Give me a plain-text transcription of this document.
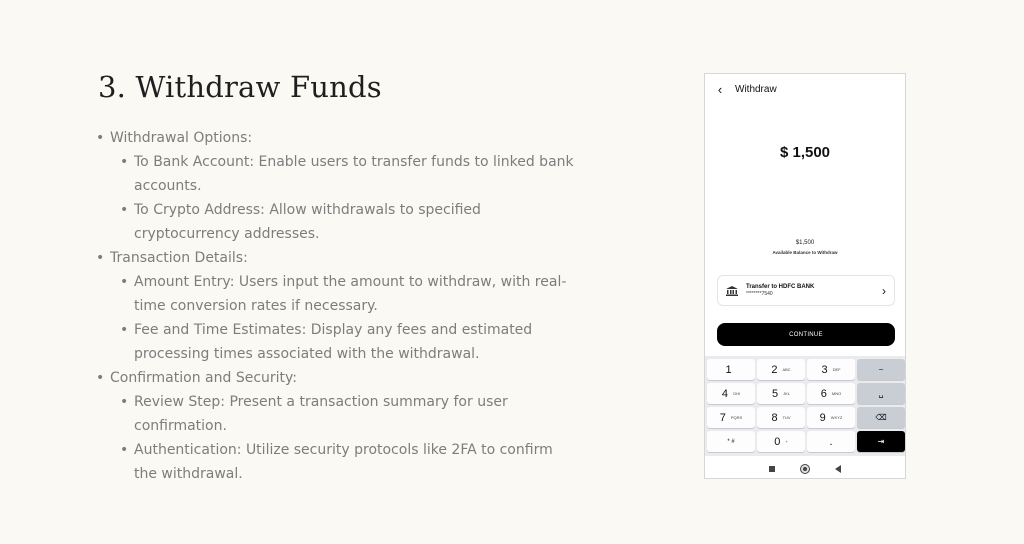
3. Withdraw Funds
• Withdrawal Options:
• To Bank Account: Enable users to transfer funds to linked bank accounts.
• To Crypto Address: Allow withdrawals to specified cryptocurrency addresses.
• Transaction Details:
• Amount Entry: Users input the amount to withdraw, with real-time conversion rates if necessary.
• Fee and Time Estimates: Display any fees and estimated processing times associated with the withdrawal.
• Confirmation and Security:
• Review Step: Present a transaction summary for user confirmation.
• Authentication: Utilize security protocols like 2FA to confirm the withdrawal.
‹	Withdraw
$ 1,500
$1,500
Available Balance to Withdraw
Transfer to HDFC BANK
********7540	›
CONTINUE
1	2 ABC	3 DEF	−
4 GHI	5 JKL	6 MNO	␣
7 PQRS	8 TUV	9 WXYZ	⌫
* #	0 +	.	⇥
